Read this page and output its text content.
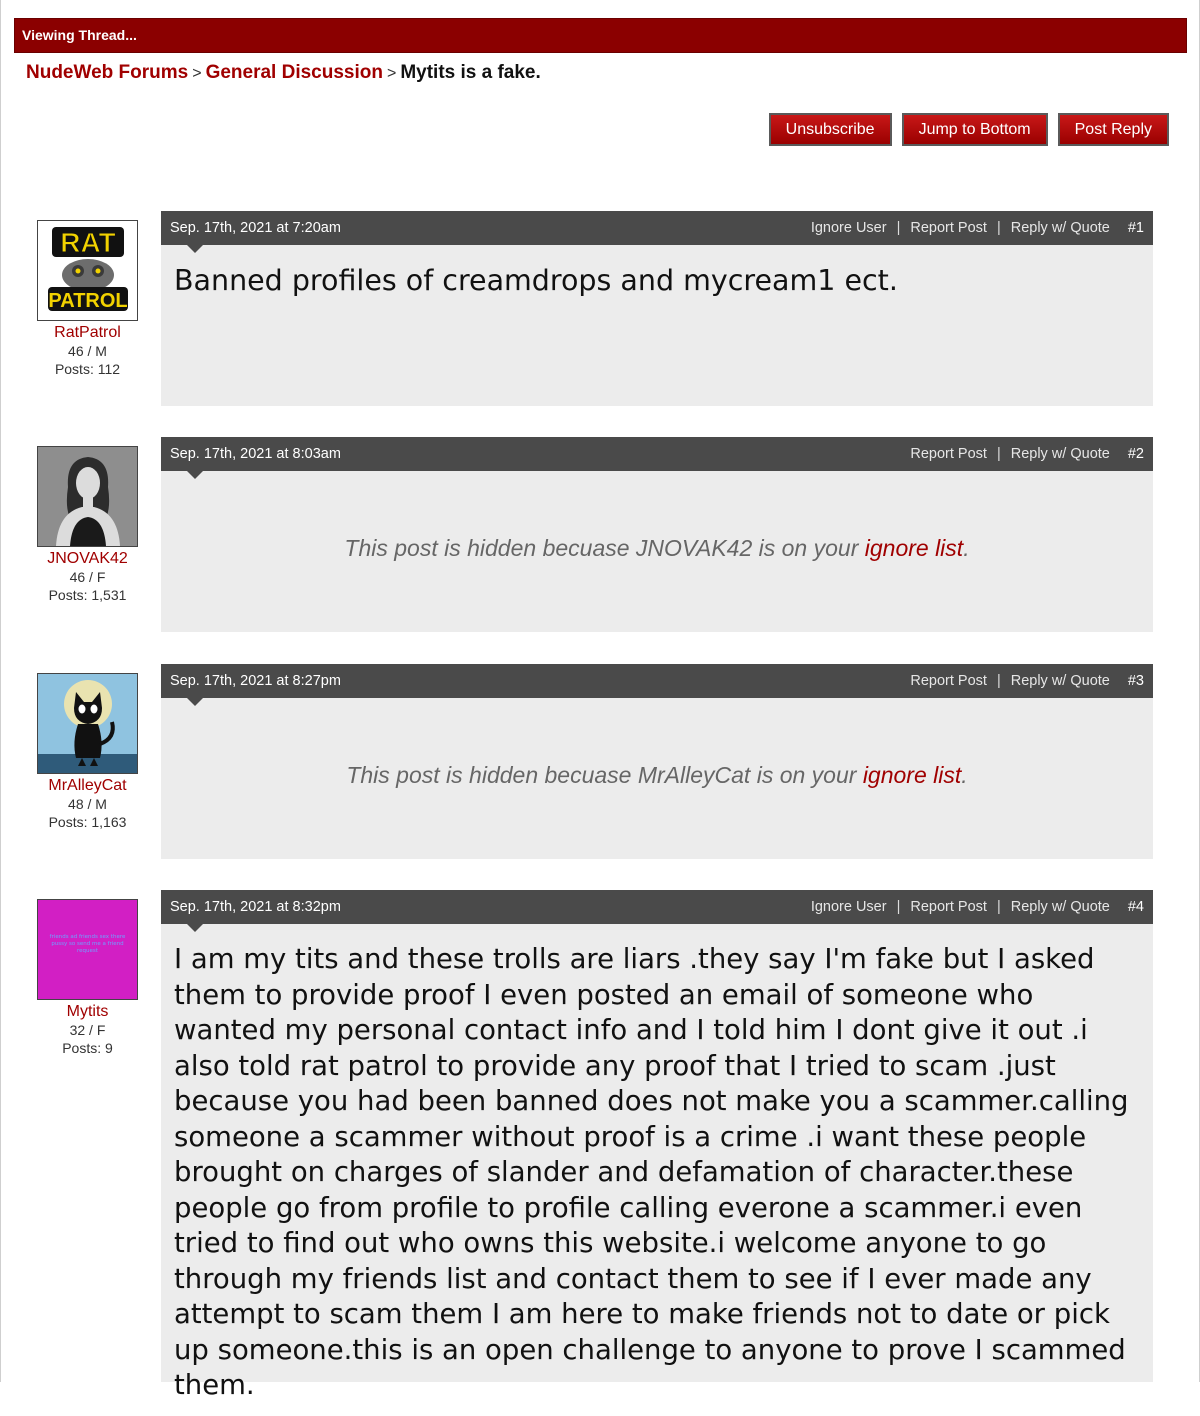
Viewing Thread...
NudeWeb Forums > General Discussion > Mytits is a fake.
Unsubscribe	Jump to Bottom	Post Reply
RAT
PATROL
RatPatrol
46 / M
Posts: 112
Sep. 17th, 2021 at 7:20am	Ignore User | Report Post | Reply w/ Quote #1
Banned profiles of creamdrops and mycream1 ect.
JNOVAK42
46 / F
Posts: 1,531
Sep. 17th, 2021 at 8:03am	Report Post | Reply w/ Quote #2
This post is hidden becuase JNOVAK42 is on your ignore list.
MrAlleyCat
48 / M
Posts: 1,163
Sep. 17th, 2021 at 8:27pm	Report Post | Reply w/ Quote #3
This post is hidden becuase MrAlleyCat is on your ignore list.
friends ad friends sex there pussy so send me a friend request
Mytits
32 / F
Posts: 9
Sep. 17th, 2021 at 8:32pm	Ignore User | Report Post | Reply w/ Quote #4
I am my tits and these trolls are liars .they say I'm fake but I asked them to provide proof I even posted an email of someone who wanted my personal contact info and I told him I dont give it out .i also told rat patrol to provide any proof that I tried to scam .just because you had been banned does not make you a scammer.calling someone a scammer without proof is a crime .i want these people brought on charges of slander and defamation of character.these people go from profile to profile calling everone a scammer.i even tried to find out who owns this website.i welcome anyone to go through my friends list and contact them to see if I ever made any attempt to scam them I am here to make friends not to date or pick up someone.this is an open challenge to anyone to prove I scammed them.
